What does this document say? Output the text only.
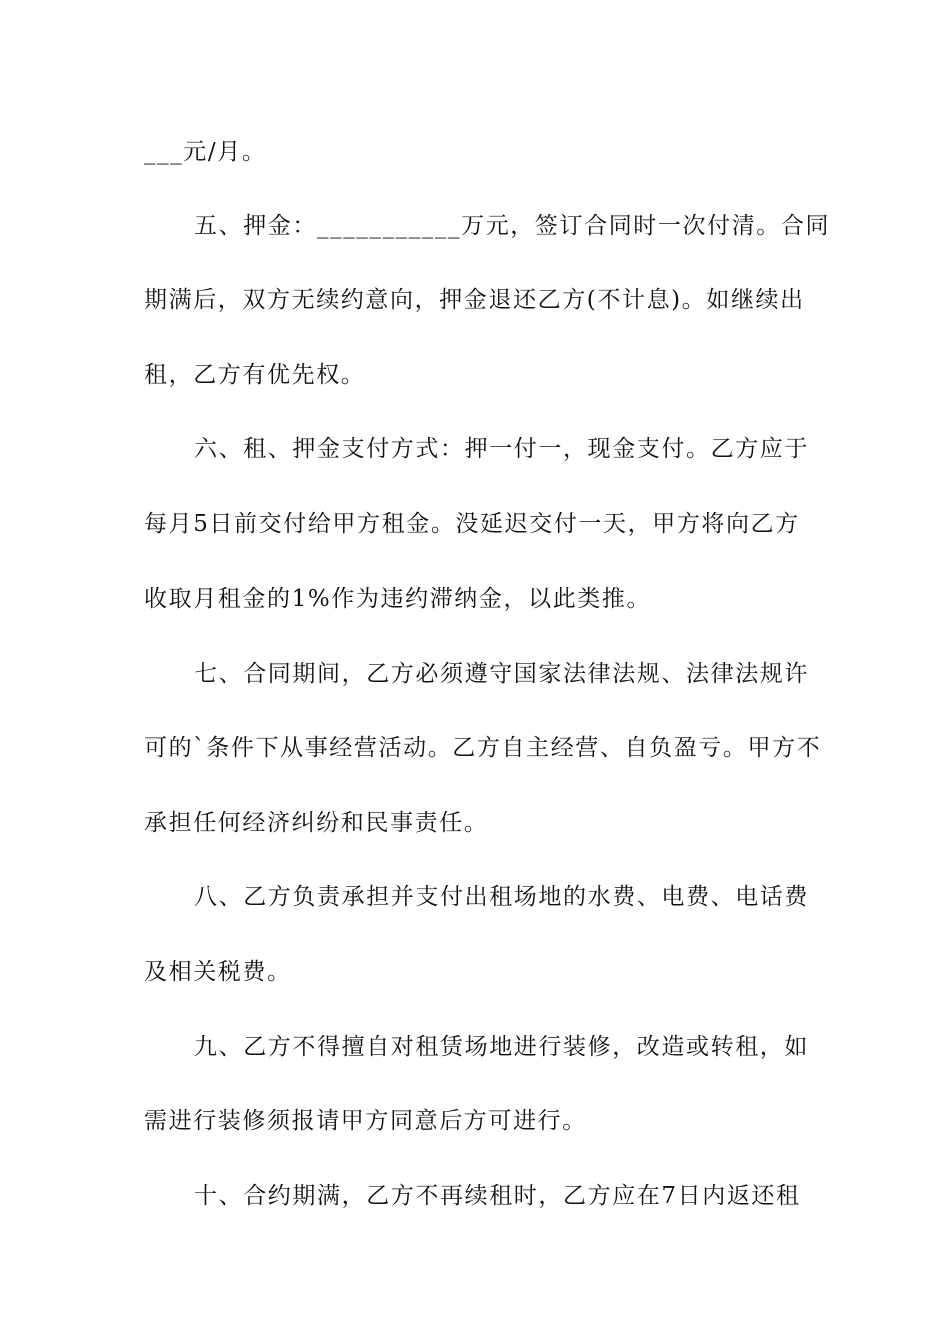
___元/月。
五、押金：___________万元，签订合同时一次付清。合同
期满后，双方无续约意向，押金退还乙方(不计息)。如继续出
租，乙方有优先权。
六、租、押金支付方式：押一付一，现金支付。乙方应于
每月5日前交付给甲方租金。没延迟交付一天，甲方将向乙方
收取月租金的1%作为违约滞纳金，以此类推。
七、合同期间，乙方必须遵守国家法律法规、法律法规许
可的`条件下从事经营活动。乙方自主经营、自负盈亏。甲方不
承担任何经济纠纷和民事责任。
八、乙方负责承担并支付出租场地的水费、电费、电话费
及相关税费。
九、乙方不得擅自对租赁场地进行装修，改造或转租，如
需进行装修须报请甲方同意后方可进行。
十、合约期满，乙方不再续租时，乙方应在7日内返还租
